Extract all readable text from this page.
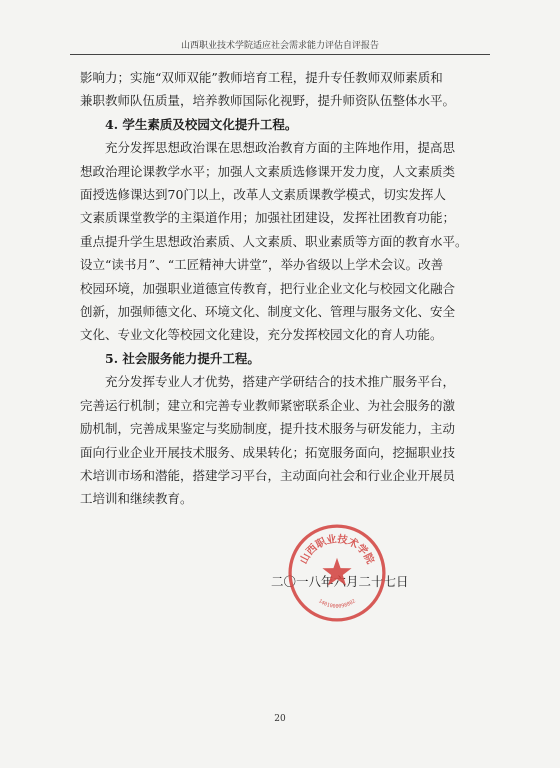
山西职业技术学院适应社会需求能力评估自评报告
影响力；实施“双师双能”教师培育工程，提升专任教师双师素质和
兼职教师队伍质量，培养教师国际化视野，提升师资队伍整体水平。
4. 学生素质及校园文化提升工程。
充分发挥思想政治课在思想政治教育方面的主阵地作用，提高思
想政治理论课教学水平；加强人文素质选修课开发力度，人文素质类
面授选修课达到70门以上，改革人文素质课教学模式，切实发挥人
文素质课堂教学的主渠道作用；加强社团建设，发挥社团教育功能；
重点提升学生思想政治素质、人文素质、职业素质等方面的教育水平。
设立“读书月”、“工匠精神大讲堂”，举办省级以上学术会议。改善
校园环境，加强职业道德宣传教育，把行业企业文化与校园文化融合
创新，加强师德文化、环境文化、制度文化、管理与服务文化、安全
文化、专业文化等校园文化建设，充分发挥校园文化的育人功能。
5. 社会服务能力提升工程。
充分发挥专业人才优势，搭建产学研结合的技术推广服务平台，
完善运行机制；建立和完善专业教师紧密联系企业、为社会服务的激
励机制，完善成果鉴定与奖励制度，提升技术服务与研发能力，主动
面向行业企业开展技术服务、成果转化；拓宽服务面向，挖掘职业技
术培训市场和潜能，搭建学习平台，主动面向社会和行业企业开展员
工培训和继续教育。
二〇一八年六月二十七日
山西职业技术学院
1401000098802
20
